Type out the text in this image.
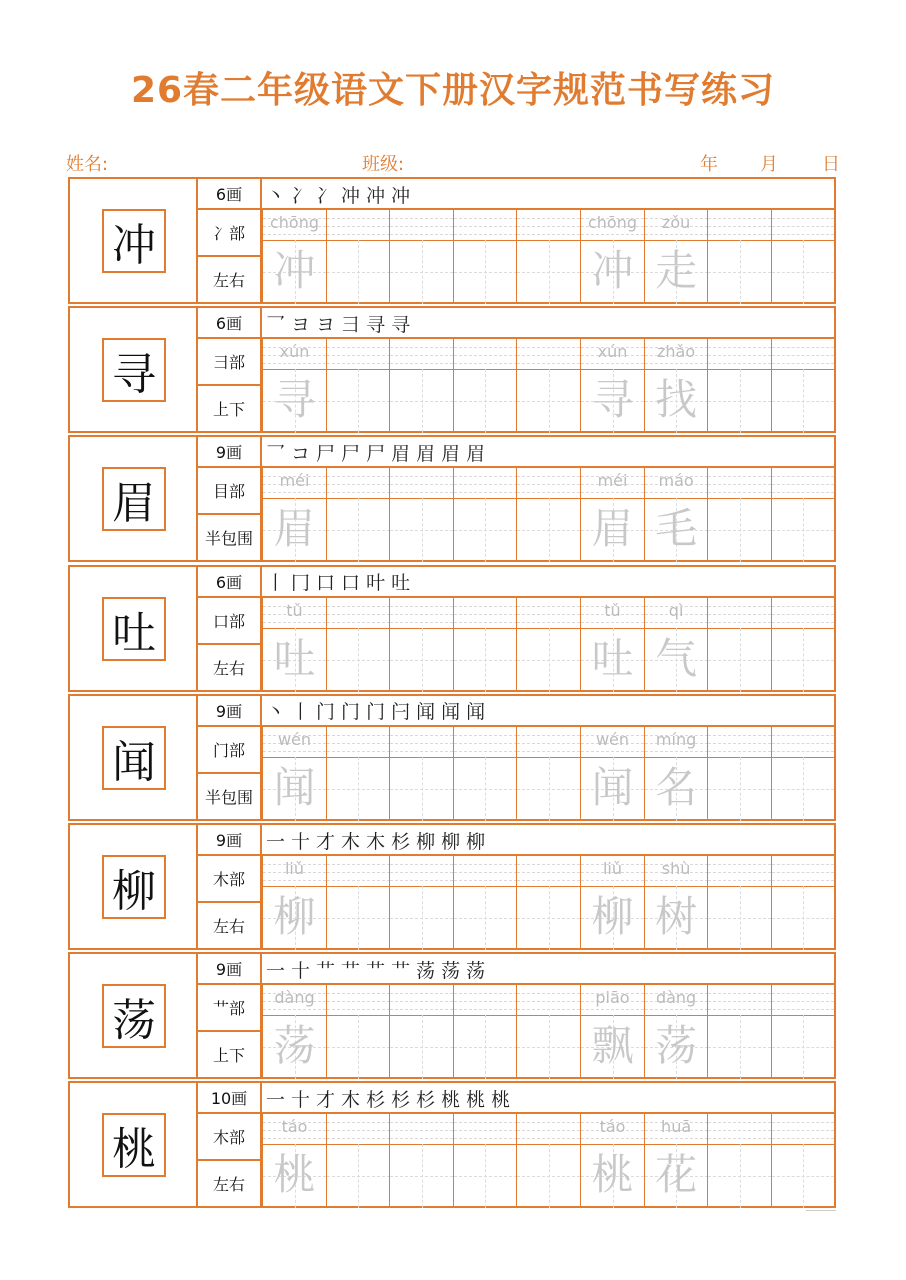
26春二年级语文下册汉字规范书写练习
姓名:	班级:	年 月 日
冲
6画
冫部
左右
丶 冫 冫 冲 冲 冲
chōng
冲
chōng
冲
zǒu
走
寻
6画
彐部
上下
乛 ヨ ヨ 彐 寻 寻
xún
寻
xún
寻
zhǎo
找
眉
9画
目部
半包围
乛 コ 尸 尸 尸 眉 眉 眉 眉
méi
眉
méi
眉
máo
毛
吐
6画
口部
左右
丨 冂 口 口 叶 吐
tǔ
吐
tǔ
吐
qì
气
闻
9画
门部
半包围
丶 丨 门 门 门 闩 闻 闻 闻
wén
闻
wén
闻
míng
名
柳
9画
木部
左右
一 十 才 木 木 杉 柳 柳 柳
liǔ
柳
liǔ
柳
shù
树
荡
9画
艹部
上下
一 十 艹 艹 艹 艹 荡 荡 荡
dàng
荡
piāo
飘
dàng
荡
桃
10画
木部
左右
一 十 才 木 杉 杉 杉 桃 桃 桃
táo
桃
táo
桃
huā
花
